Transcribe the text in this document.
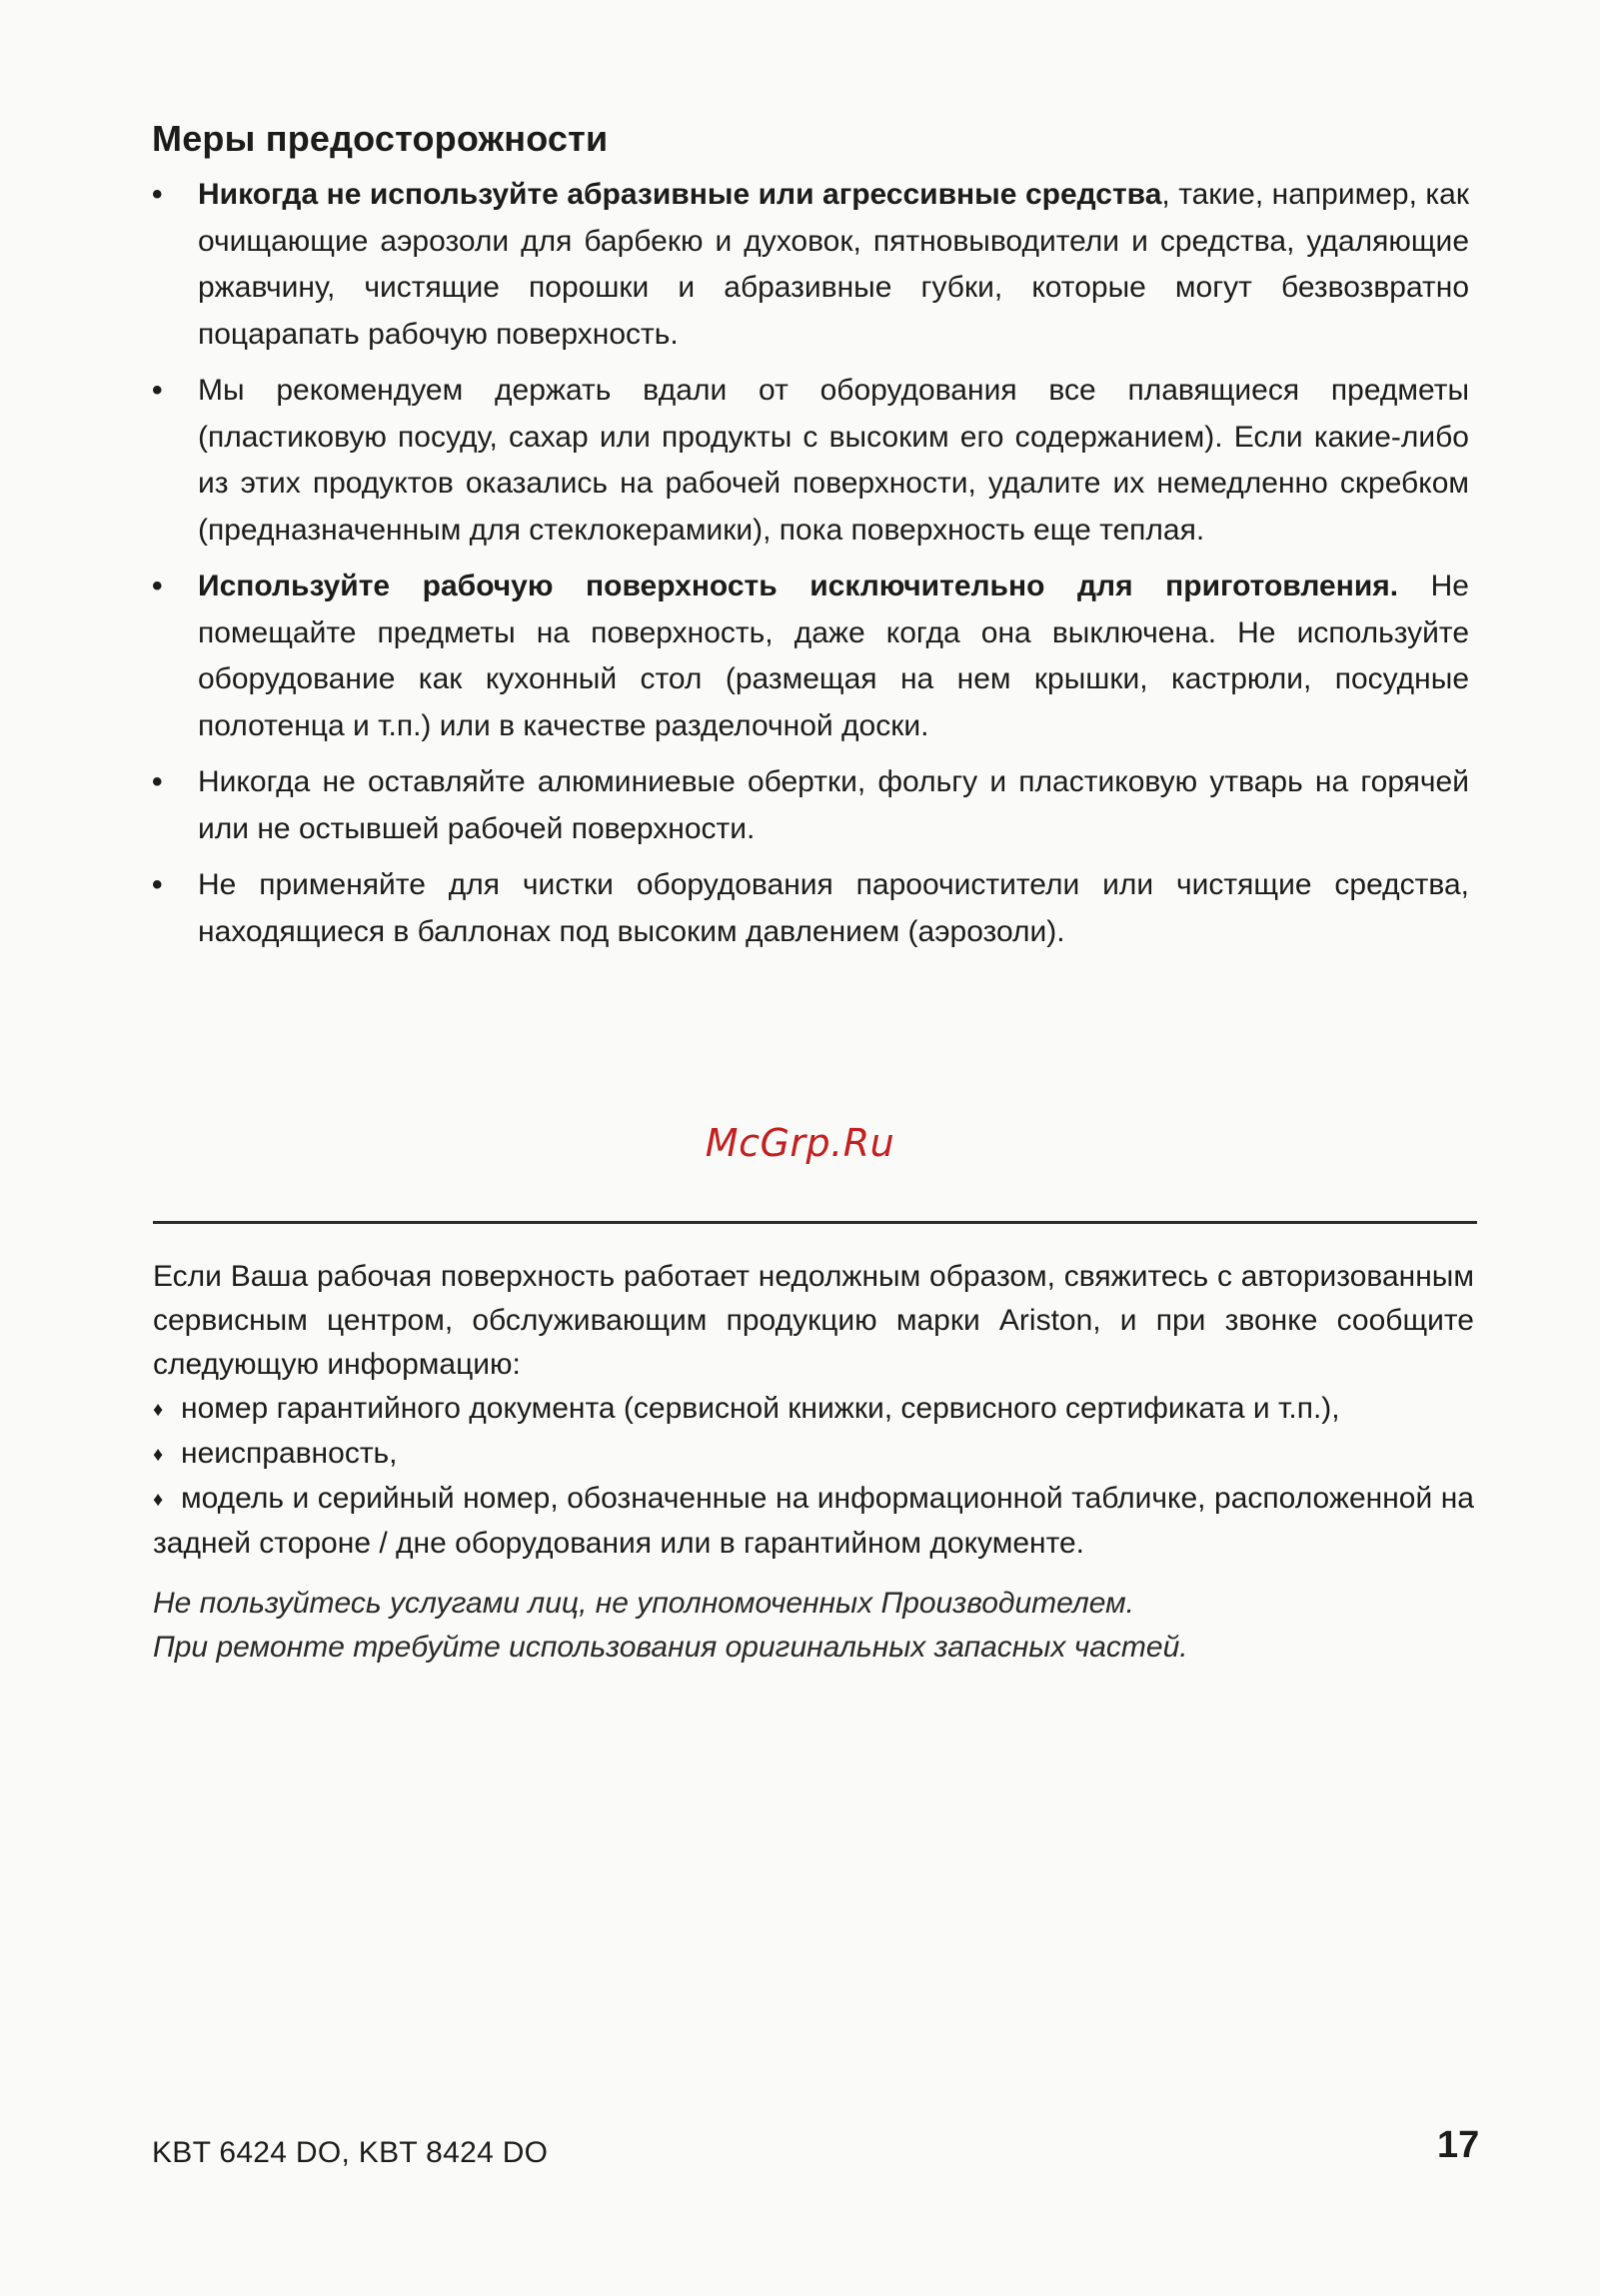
Меры предосторожности
• Никогда не используйте абразивные или агрессивные средства, такие, например, как очищающие аэрозоли для барбекю и духовок, пятновыводители и средства, удаляющие ржавчину, чистящие порошки и абразивные губки, которые могут безвозвратно поцарапать рабочую поверхность.
• Мы рекомендуем держать вдали от оборудования все плавящиеся предметы (пластиковую посуду, сахар или продукты с высоким его содержанием). Если какие-либо из этих продуктов оказались на рабочей поверхности, удалите их немедленно скребком (предназначенным для стеклокерамики), пока поверхность еще теплая.
• Используйте рабочую поверхность исключительно для приготовления. Не помещайте предметы на поверхность, даже когда она выключена. Не используйте оборудование как кухонный стол (размещая на нем крышки, кастрюли, посудные полотенца и т.п.) или в качестве разделочной доски.
• Никогда не оставляйте алюминиевые обертки, фольгу и пластиковую утварь на горячей или не остывшей рабочей поверхности.
• Не применяйте для чистки оборудования пароочистители или чистящие средства, находящиеся в баллонах под высоким давлением (аэрозоли).
McGrp.Ru

Если Ваша рабочая поверхность работает недолжным образом, свяжитесь с авторизованным сервисным центром, обслуживающим продукцию марки Ariston, и при звонке сообщите следующую информацию:

♦ номер гарантийного документа (сервисной книжки, сервисного сертификата и т.п.),

♦ неисправность,

♦ модель и серийный номер, обозначенные на информационной табличке, расположенной на задней стороне / дне оборудования или в гарантийном документе.

Не пользуйтесь услугами лиц, не уполномоченных Производителем.
При ремонте требуйте использования оригинальных запасных частей.

KBT 6424 DO, KBT 8424 DO	17
